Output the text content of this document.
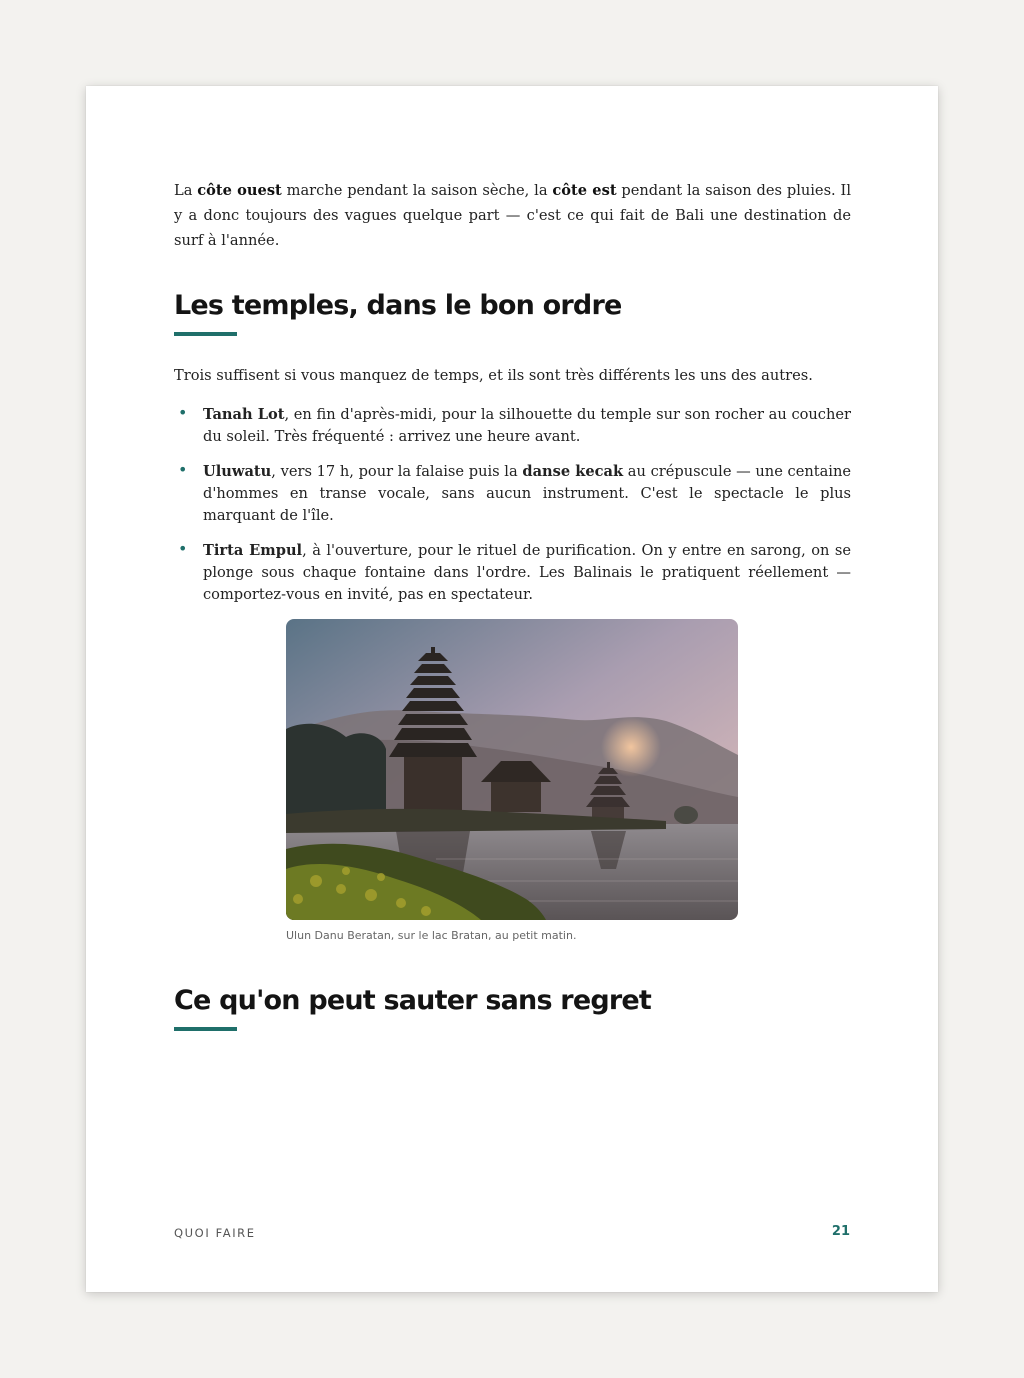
La côte ouest marche pendant la saison sèche, la côte est pendant la saison des pluies. Il y a donc toujours des vagues quelque part — c'est ce qui fait de Bali une destination de surf à l'année.

Les temples, dans le bon ordre

Trois suffisent si vous manquez de temps, et ils sont très différents les uns des autres.

• Tanah Lot, en fin d'après-midi, pour la silhouette du temple sur son rocher au coucher du soleil. Très fréquenté : arrivez une heure avant.
• Uluwatu, vers 17 h, pour la falaise puis la danse kecak au crépuscule — une centaine d'hommes en transe vocale, sans aucun instrument. C'est le spectacle le plus marquant de l'île.
• Tirta Empul, à l'ouverture, pour le rituel de purification. On y entre en sarong, on se plonge sous chaque fontaine dans l'ordre. Les Balinais le pratiquent réellement — comportez-vous en invité, pas en spectateur.
Ulun Danu Beratan, sur le lac Bratan, au petit matin.
Ce qu'on peut sauter sans regret
QUOI FAIRE	21
